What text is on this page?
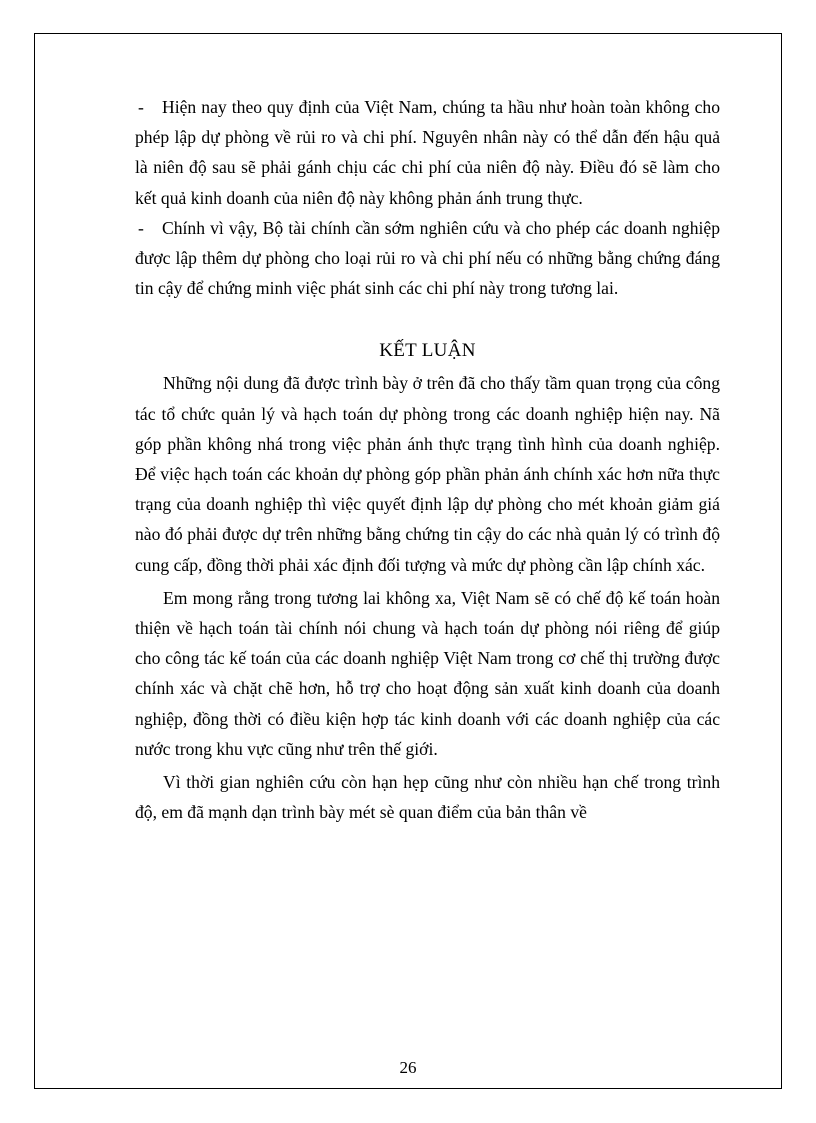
- Hiện nay theo quy định của Việt Nam, chúng ta hầu như hoàn toàn không cho phép lập dự phòng về rủi ro và chi phí. Nguyên nhân này có thể dẫn đến hậu quả là niên độ sau sẽ phải gánh chịu các chi phí của niên độ này. Điều đó sẽ làm cho kết quả kinh doanh của niên độ này không phản ánh trung thực.

- Chính vì vậy, Bộ tài chính cần sớm nghiên cứu và cho phép các doanh nghiệp được lập thêm dự phòng cho loại rủi ro và chi phí nếu có những bằng chứng đáng tin cậy để chứng minh việc phát sinh các chi phí này trong tương lai.

KẾT LUẬN

Những nội dung đã được trình bày ở trên đã cho thấy tầm quan trọng của công tác tổ chức quản lý và hạch toán dự phòng trong các doanh nghiệp hiện nay. Nã góp phần không nhá trong việc phản ánh thực trạng tình hình của doanh nghiệp. Để việc hạch toán các khoản dự phòng góp phần phản ánh chính xác hơn nữa thực trạng của doanh nghiệp thì việc quyết định lập dự phòng cho mét khoản giảm giá nào đó phải được dự trên những bằng chứng tin cậy do các nhà quản lý có trình độ cung cấp, đồng thời phải xác định đối tượng và mức dự phòng cần lập chính xác.

Em mong rằng trong tương lai không xa, Việt Nam sẽ có chế độ kế toán hoàn thiện về hạch toán tài chính nói chung và hạch toán dự phòng nói riêng để giúp cho công tác kế toán của các doanh nghiệp Việt Nam trong cơ chế thị trường được chính xác và chặt chẽ hơn, hỗ trợ cho hoạt động sản xuất kinh doanh của doanh nghiệp, đồng thời có điều kiện hợp tác kinh doanh với các doanh nghiệp của các nước trong khu vực cũng như trên thế giới.

Vì thời gian nghiên cứu còn hạn hẹp cũng như còn nhiều hạn chế trong trình độ, em đã mạnh dạn trình bày mét sè quan điểm của bản thân về

26
